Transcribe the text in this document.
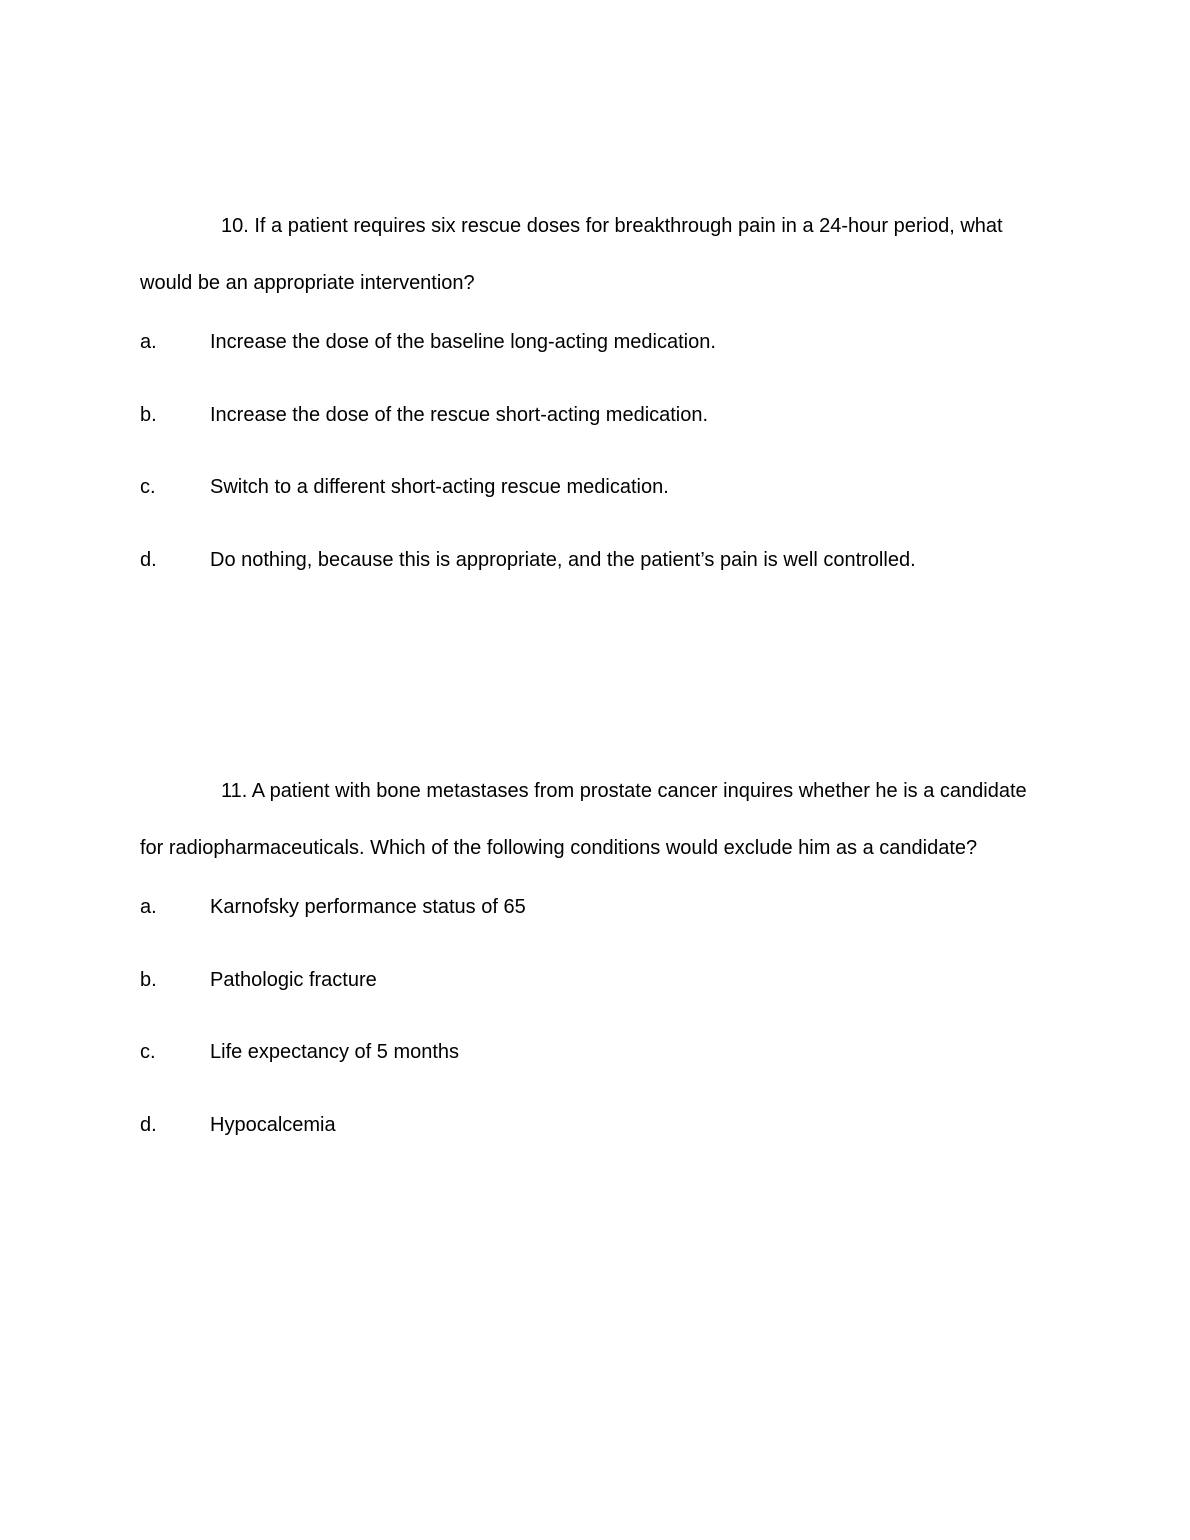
10. If a patient requires six rescue doses for breakthrough pain in a 24-hour period, what would be an appropriate intervention?

a.	Increase the dose of the baseline long-acting medication.
b.	Increase the dose of the rescue short-acting medication.
c.	Switch to a different short-acting rescue medication.
d.	Do nothing, because this is appropriate, and the patient’s pain is well controlled.

11. A patient with bone metastases from prostate cancer inquires whether he is a candidate for radiopharmaceuticals. Which of the following conditions would exclude him as a candidate?

a.	Karnofsky performance status of 65
b.	Pathologic fracture
c.	Life expectancy of 5 months
d.	Hypocalcemia
